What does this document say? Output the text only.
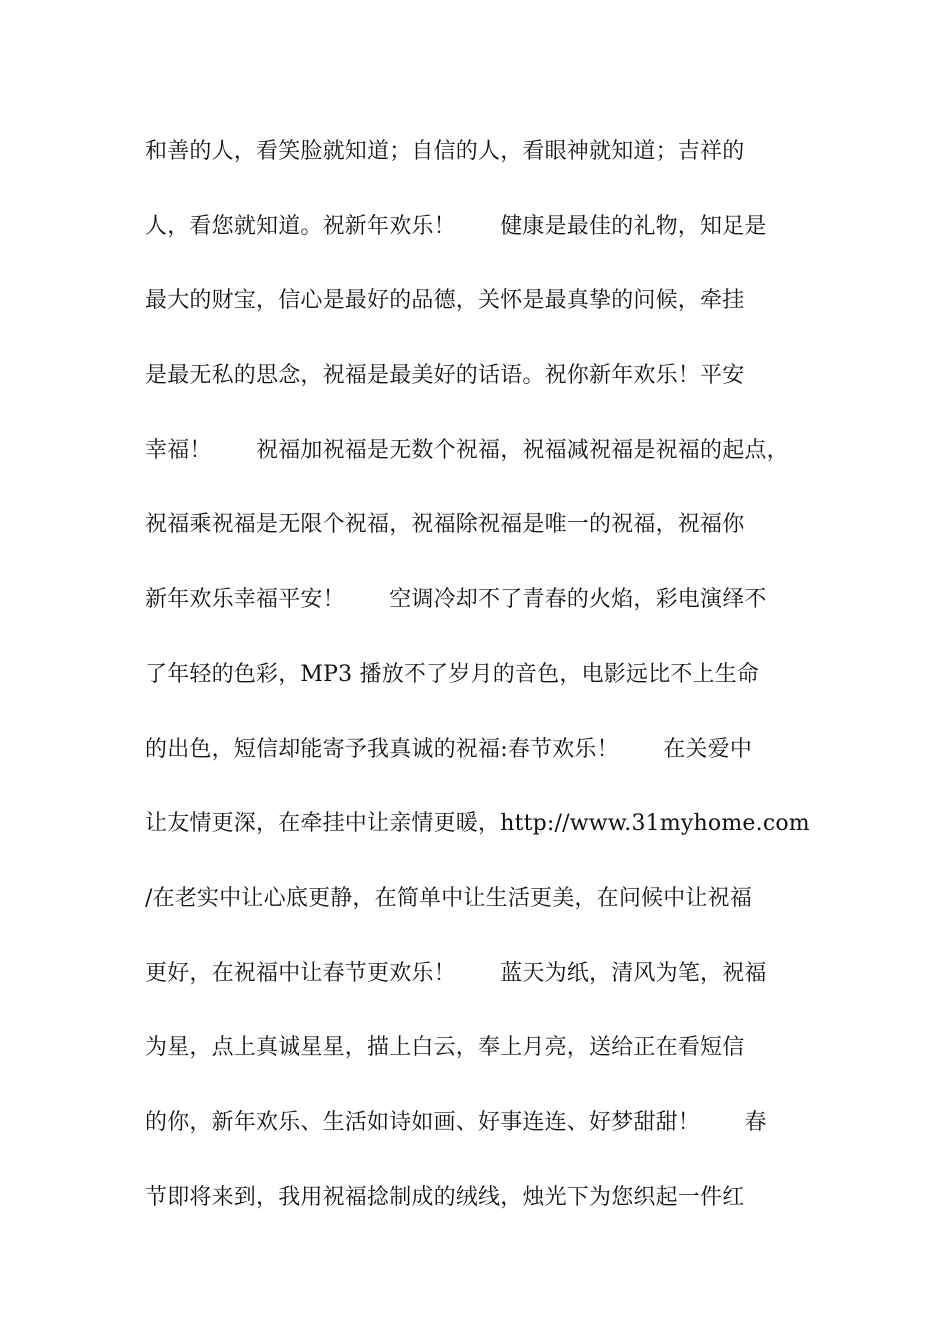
和善的人，看笑脸就知道；自信的人，看眼神就知道；吉祥的
人，看您就知道。祝新年欢乐！　　健康是最佳的礼物，知足是
最大的财宝，信心是最好的品德，关怀是最真挚的问候，牵挂
是最无私的思念，祝福是最美好的话语。祝你新年欢乐！平安
幸福！　　祝福加祝福是无数个祝福，祝福减祝福是祝福的起点，
祝福乘祝福是无限个祝福，祝福除祝福是唯一的祝福，祝福你
新年欢乐幸福平安！　　空调冷却不了青春的火焰，彩电演绎不
了年轻的色彩，MP3 播放不了岁月的音色，电影远比不上生命
的出色，短信却能寄予我真诚的祝福:春节欢乐！　　在关爱中
让友情更深，在牵挂中让亲情更暖，http://www.31myhome.com
/在老实中让心底更静，在简单中让生活更美，在问候中让祝福
更好，在祝福中让春节更欢乐！　　蓝天为纸，清风为笔，祝福
为星，点上真诚星星，描上白云，奉上月亮，送给正在看短信
的你，新年欢乐、生活如诗如画、好事连连、好梦甜甜！　　春
节即将来到，我用祝福捻制成的绒线，烛光下为您织起一件红
